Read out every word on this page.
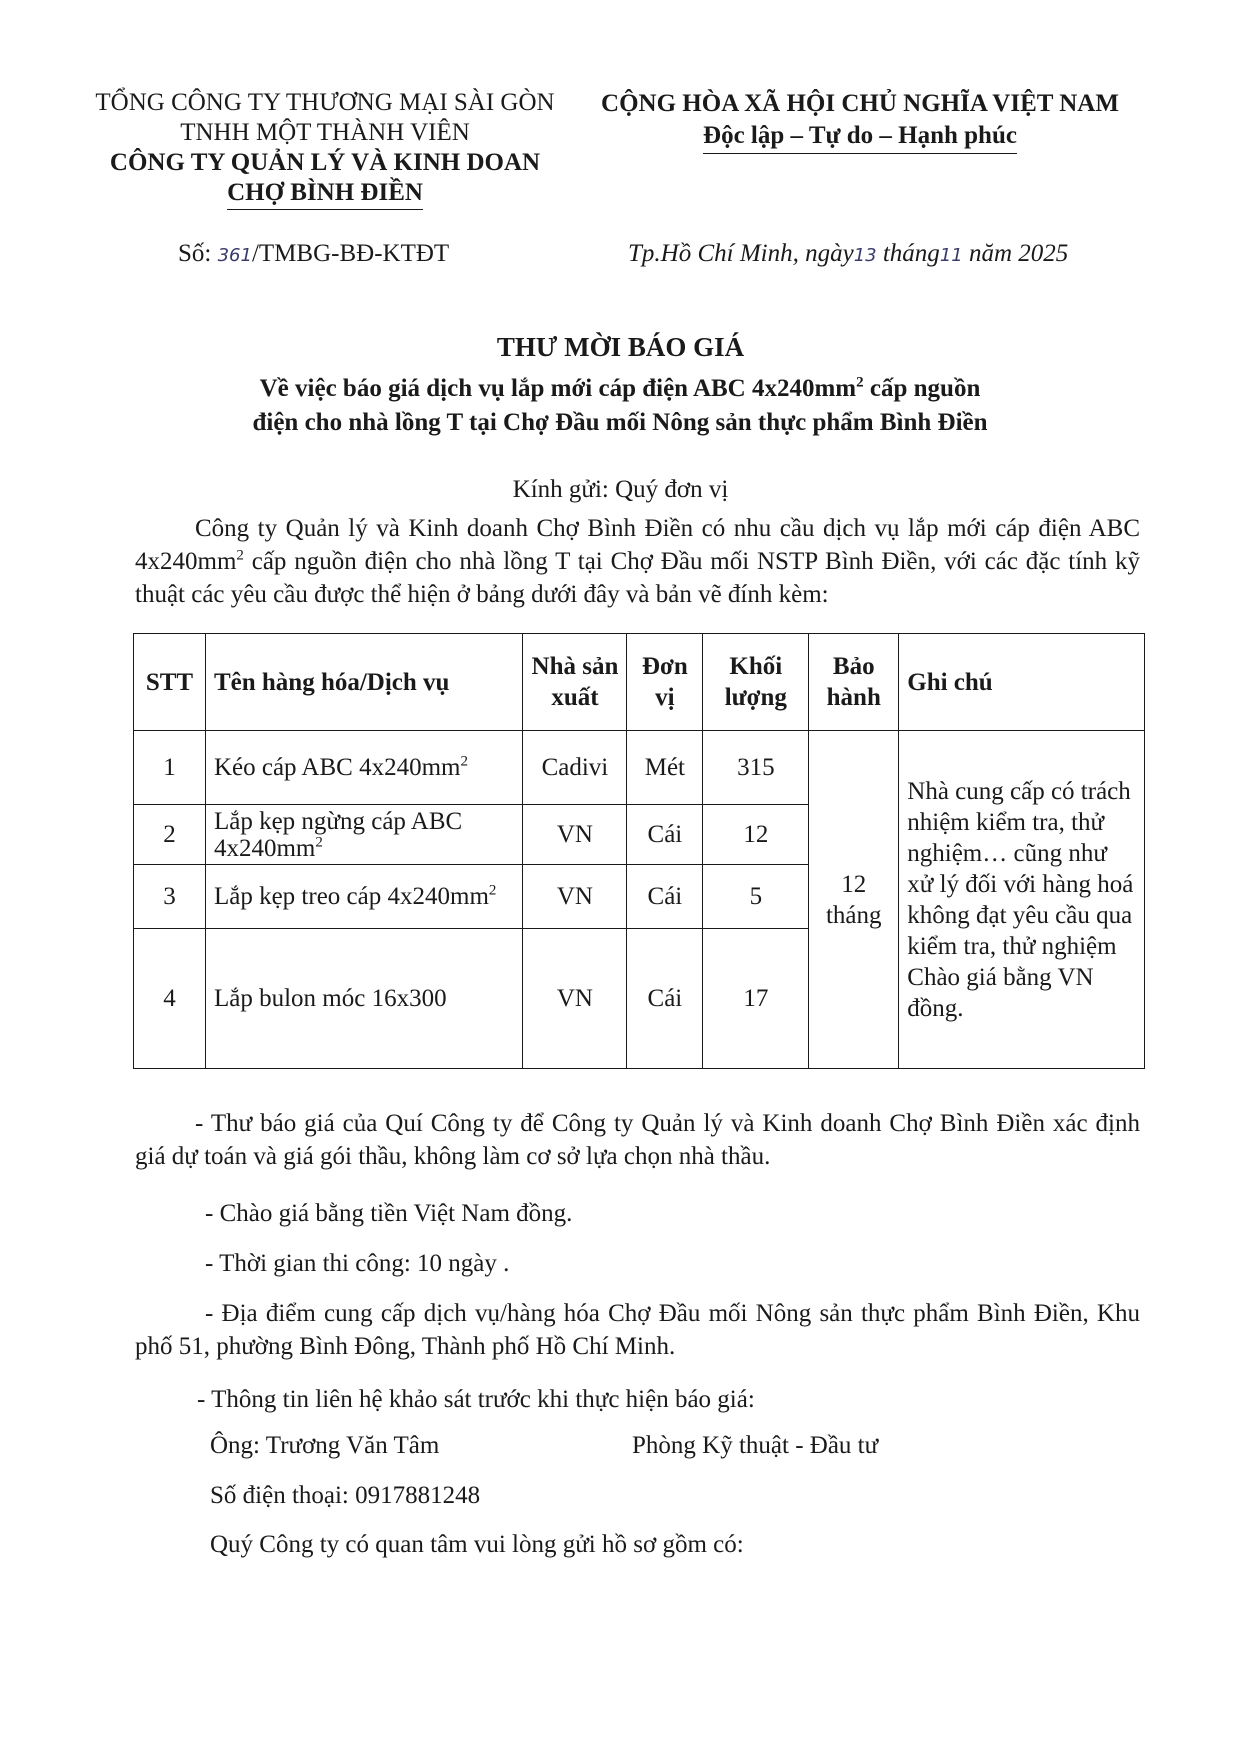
TỔNG CÔNG TY THƯƠNG MẠI SÀI GÒN
TNHH MỘT THÀNH VIÊN
CÔNG TY QUẢN LÝ VÀ KINH DOAN
CHỢ BÌNH ĐIỀN
CỘNG HÒA XÃ HỘI CHỦ NGHĨA VIỆT NAM
Độc lập – Tự do – Hạnh phúc
Số: 361/TMBG-BĐ-KTĐT	Tp.Hồ Chí Minh, ngày13 tháng11 năm 2025
THƯ MỜI BÁO GIÁ
Về việc báo giá dịch vụ lắp mới cáp điện ABC $4x240mm^2$ cấp nguồn
điện cho nhà lồng T tại Chợ Đầu mối Nông sản thực phẩm Bình Điền
Kính gửi: Quý đơn vị
Công ty Quản lý và Kinh doanh Chợ Bình Điền có nhu cầu dịch vụ lắp mới cáp điện ABC $4x240mm^2$ cấp nguồn điện cho nhà lồng T tại Chợ Đầu mối NSTP Bình Điền, với các đặc tính kỹ thuật các yêu cầu được thể hiện ở bảng dưới đây và bản vẽ đính kèm:
STT	Tên hàng hóa/Dịch vụ	Nhà sản xuất	Đơn vị	Khối lượng	Bảo hành	Ghi chú
1	Kéo cáp ABC $4x240mm^2$	Cadivi	Mét	315	12 tháng	Nhà cung cấp có trách nhiệm kiểm tra, thử nghiệm… cũng như xử lý đối với hàng hoá không đạt yêu cầu qua kiểm tra, thử nghiệm
Chào giá bằng VN đồng.

2	Lắp kẹp ngừng cáp ABC $4x240mm^2$	VN	Cái	12		
3	Lắp kẹp treo cáp $4x240mm^2$	VN	Cái	5		
4	Lắp bulon móc 16x300	VN	Cái	17		
- Thư báo giá của Quí Công ty để Công ty Quản lý và Kinh doanh Chợ Bình Điền xác định giá dự toán và giá gói thầu, không làm cơ sở lựa chọn nhà thầu.
- Chào giá bằng tiền Việt Nam đồng.
- Thời gian thi công: 10 ngày .
- Địa điểm cung cấp dịch vụ/hàng hóa Chợ Đầu mối Nông sản thực phẩm Bình Điền, Khu phố 51, phường Bình Đông, Thành phố Hồ Chí Minh.
- Thông tin liên hệ khảo sát trước khi thực hiện báo giá:
Ông: Trương Văn Tâm	Phòng Kỹ thuật - Đầu tư
Số điện thoại: 0917881248
Quý Công ty có quan tâm vui lòng gửi hồ sơ gồm có:
